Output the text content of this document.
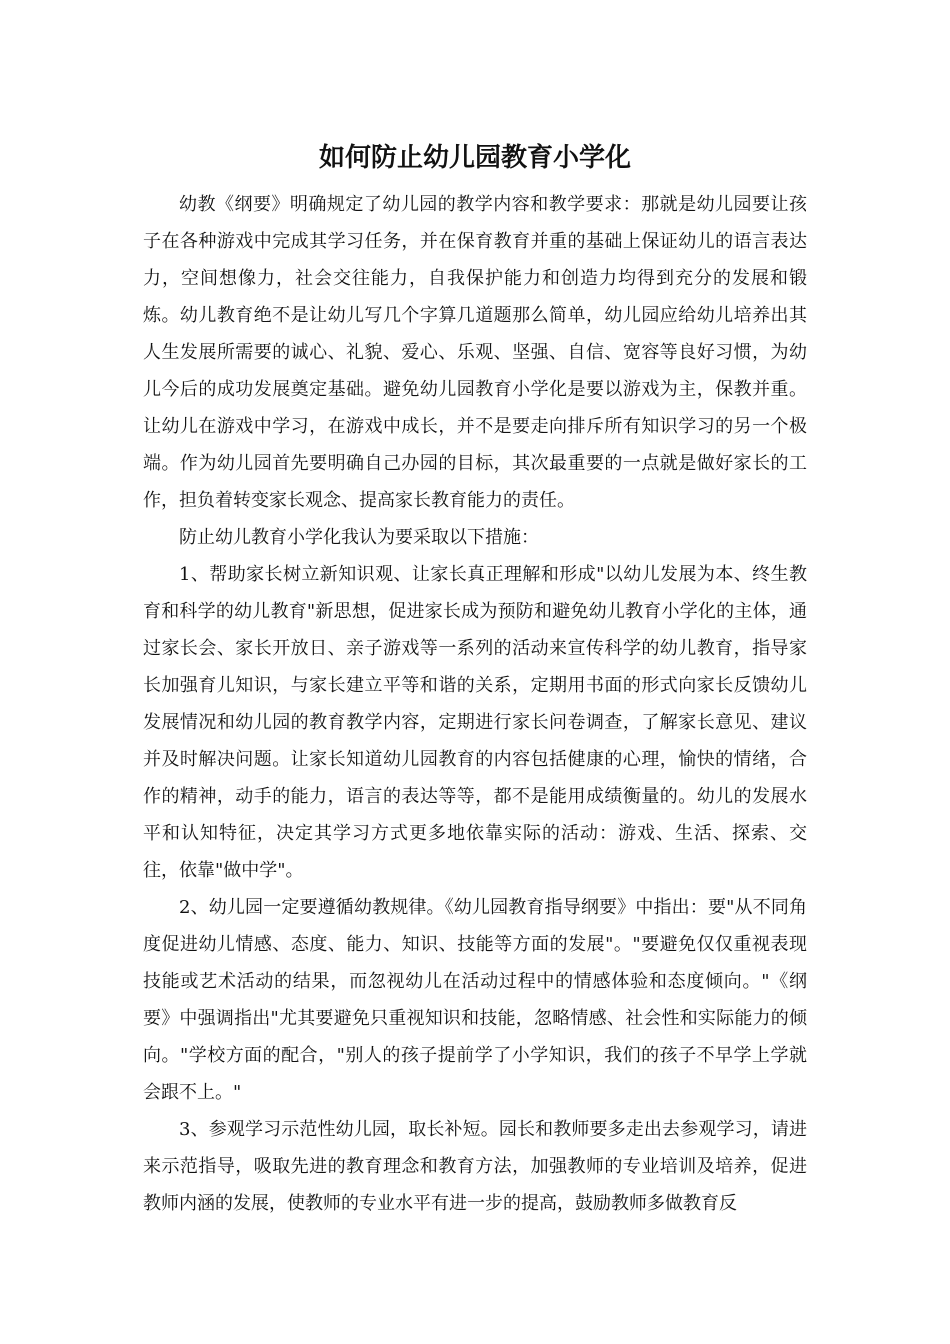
如何防止幼儿园教育小学化

幼教《纲要》明确规定了幼儿园的教学内容和教学要求：那就是幼儿园要让孩子在各种游戏中完成其学习任务，并在保育教育并重的基础上保证幼儿的语言表达力，空间想像力，社会交往能力，自我保护能力和创造力均得到充分的发展和锻炼。幼儿教育绝不是让幼儿写几个字算几道题那么简单，幼儿园应给幼儿培养出其人生发展所需要的诚心、礼貌、爱心、乐观、坚强、自信、宽容等良好习惯，为幼儿今后的成功发展奠定基础。避免幼儿园教育小学化是要以游戏为主，保教并重。让幼儿在游戏中学习，在游戏中成长，并不是要走向排斥所有知识学习的另一个极端。作为幼儿园首先要明确自己办园的目标，其次最重要的一点就是做好家长的工作，担负着转变家长观念、提高家长教育能力的责任。

防止幼儿教育小学化我认为要采取以下措施：

1、帮助家长树立新知识观、让家长真正理解和形成"以幼儿发展为本、终生教育和科学的幼儿教育"新思想，促进家长成为预防和避免幼儿教育小学化的主体，通过家长会、家长开放日、亲子游戏等一系列的活动来宣传科学的幼儿教育，指导家长加强育儿知识，与家长建立平等和谐的关系，定期用书面的形式向家长反馈幼儿发展情况和幼儿园的教育教学内容，定期进行家长问卷调查，了解家长意见、建议并及时解决问题。让家长知道幼儿园教育的内容包括健康的心理，愉快的情绪，合作的精神，动手的能力，语言的表达等等，都不是能用成绩衡量的。幼儿的发展水平和认知特征，决定其学习方式更多地依靠实际的活动：游戏、生活、探索、交往，依靠"做中学"。

2、幼儿园一定要遵循幼教规律。《幼儿园教育指导纲要》中指出：要"从不同角度促进幼儿情感、态度、能力、知识、技能等方面的发展"。"要避免仅仅重视表现技能或艺术活动的结果，而忽视幼儿在活动过程中的情感体验和态度倾向。"《纲要》中强调指出"尤其要避免只重视知识和技能，忽略情感、社会性和实际能力的倾向。"学校方面的配合，"别人的孩子提前学了小学知识，我们的孩子不早学上学就会跟不上。"

3、参观学习示范性幼儿园，取长补短。园长和教师要多走出去参观学习，请进来示范指导，吸取先进的教育理念和教育方法，加强教师的专业培训及培养，促进教师内涵的发展，使教师的专业水平有进一步的提高，鼓励教师多做教育反
